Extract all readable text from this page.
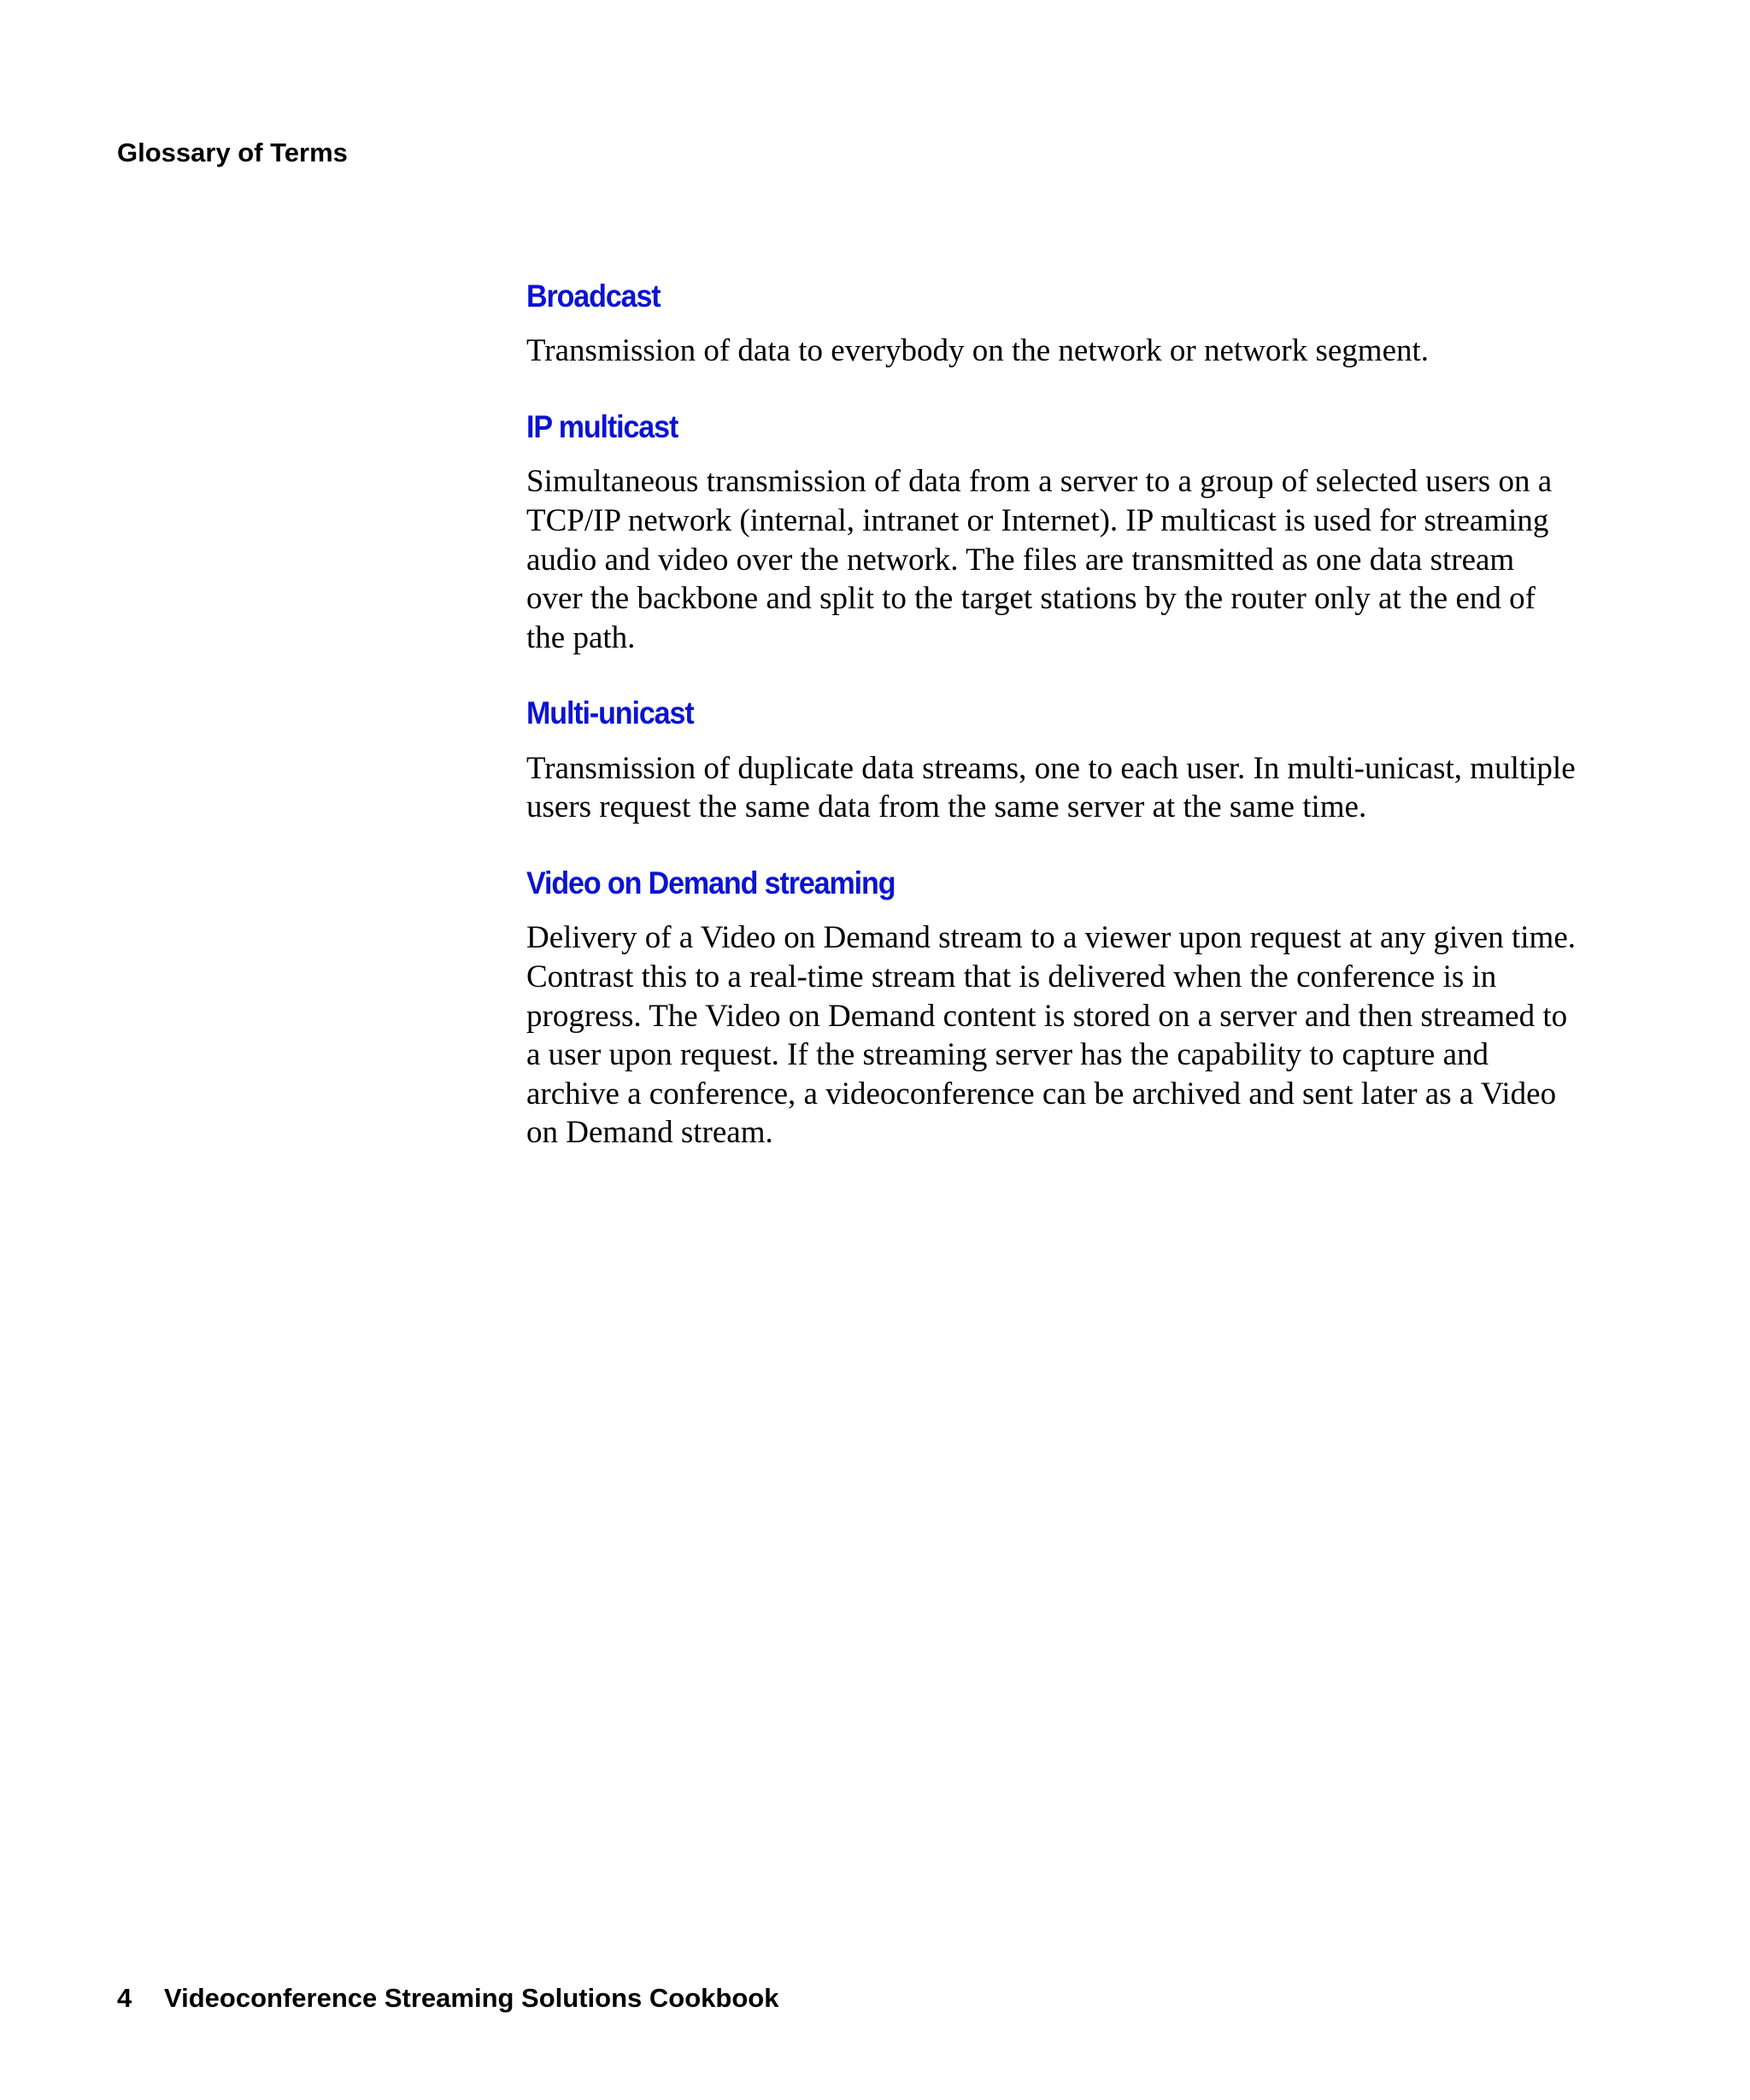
Glossary of Terms
Broadcast

Transmission of data to everybody on the network or network segment.

IP multicast

Simultaneous transmission of data from a server to a group of selected users on a TCP/IP network (internal, intranet or Internet). IP multicast is used for streaming audio and video over the network. The files are transmitted as one data stream over the backbone and split to the target stations by the router only at the end of the path.

Multi-unicast

Transmission of duplicate data streams, one to each user. In multi-unicast, multiple users request the same data from the same server at the same time.

Video on Demand streaming

Delivery of a Video on Demand stream to a viewer upon request at any given time. Contrast this to a real-time stream that is delivered when the conference is in progress. The Video on Demand content is stored on a server and then streamed to a user upon request. If the streaming server has the capability to capture and archive a conference, a videoconference can be archived and sent later as a Video on Demand stream.

4 Videoconference Streaming Solutions Cookbook
